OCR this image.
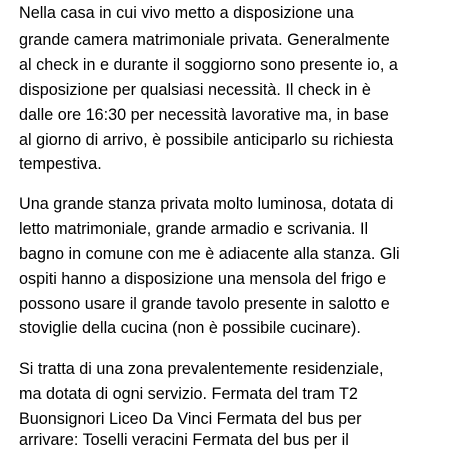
Nella casa in cui vivo metto a disposizione una
grande camera matrimoniale privata. Generalmente
al check in e durante il soggiorno sono presente io, a
disposizione per qualsiasi necessità. Il check in è
dalle ore 16:30 per necessità lavorative ma, in base
al giorno di arrivo, è possibile anticiparlo su richiesta
tempestiva.
Una grande stanza privata molto luminosa, dotata di
letto matrimoniale, grande armadio e scrivania. Il
bagno in comune con me è adiacente alla stanza. Gli
ospiti hanno a disposizione una mensola del frigo e
possono usare il grande tavolo presente in salotto e
stoviglie della cucina (non è possibile cucinare).
Si tratta di una zona prevalentemente residenziale,
ma dotata di ogni servizio. Fermata del tram T2
Buonsignori Liceo Da Vinci Fermata del bus per
arrivare: Toselli veracini Fermata del bus per il
